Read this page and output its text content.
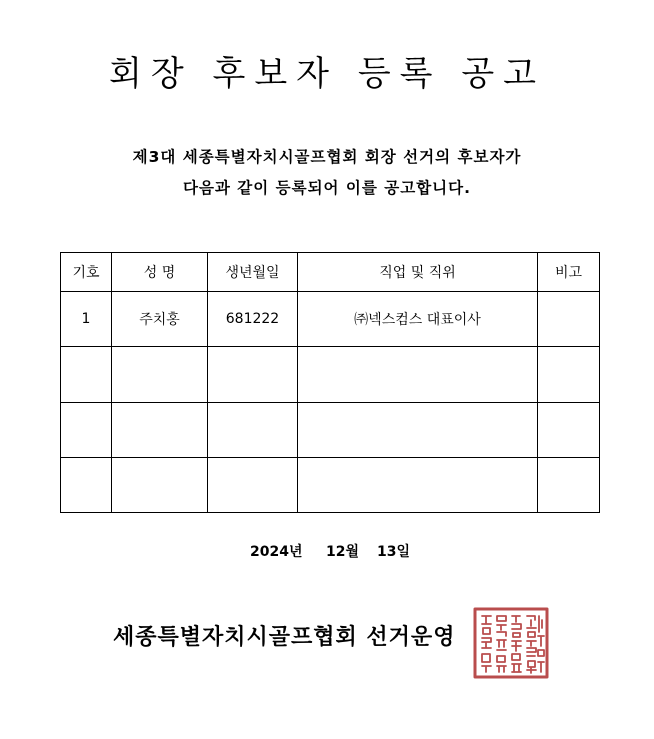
회장 후보자 등록 공고
제3대 세종특별자치시골프협회 회장 선거의 후보자가
다음과 같이 등록되어 이를 공고합니다.
기호	성 명	생년월일	직업 및 직위	비고
1	주치홍	681222	㈜넥스컴스 대표이사	

2024년 12월 13일
세종특별자치시골프협회 선거운영
